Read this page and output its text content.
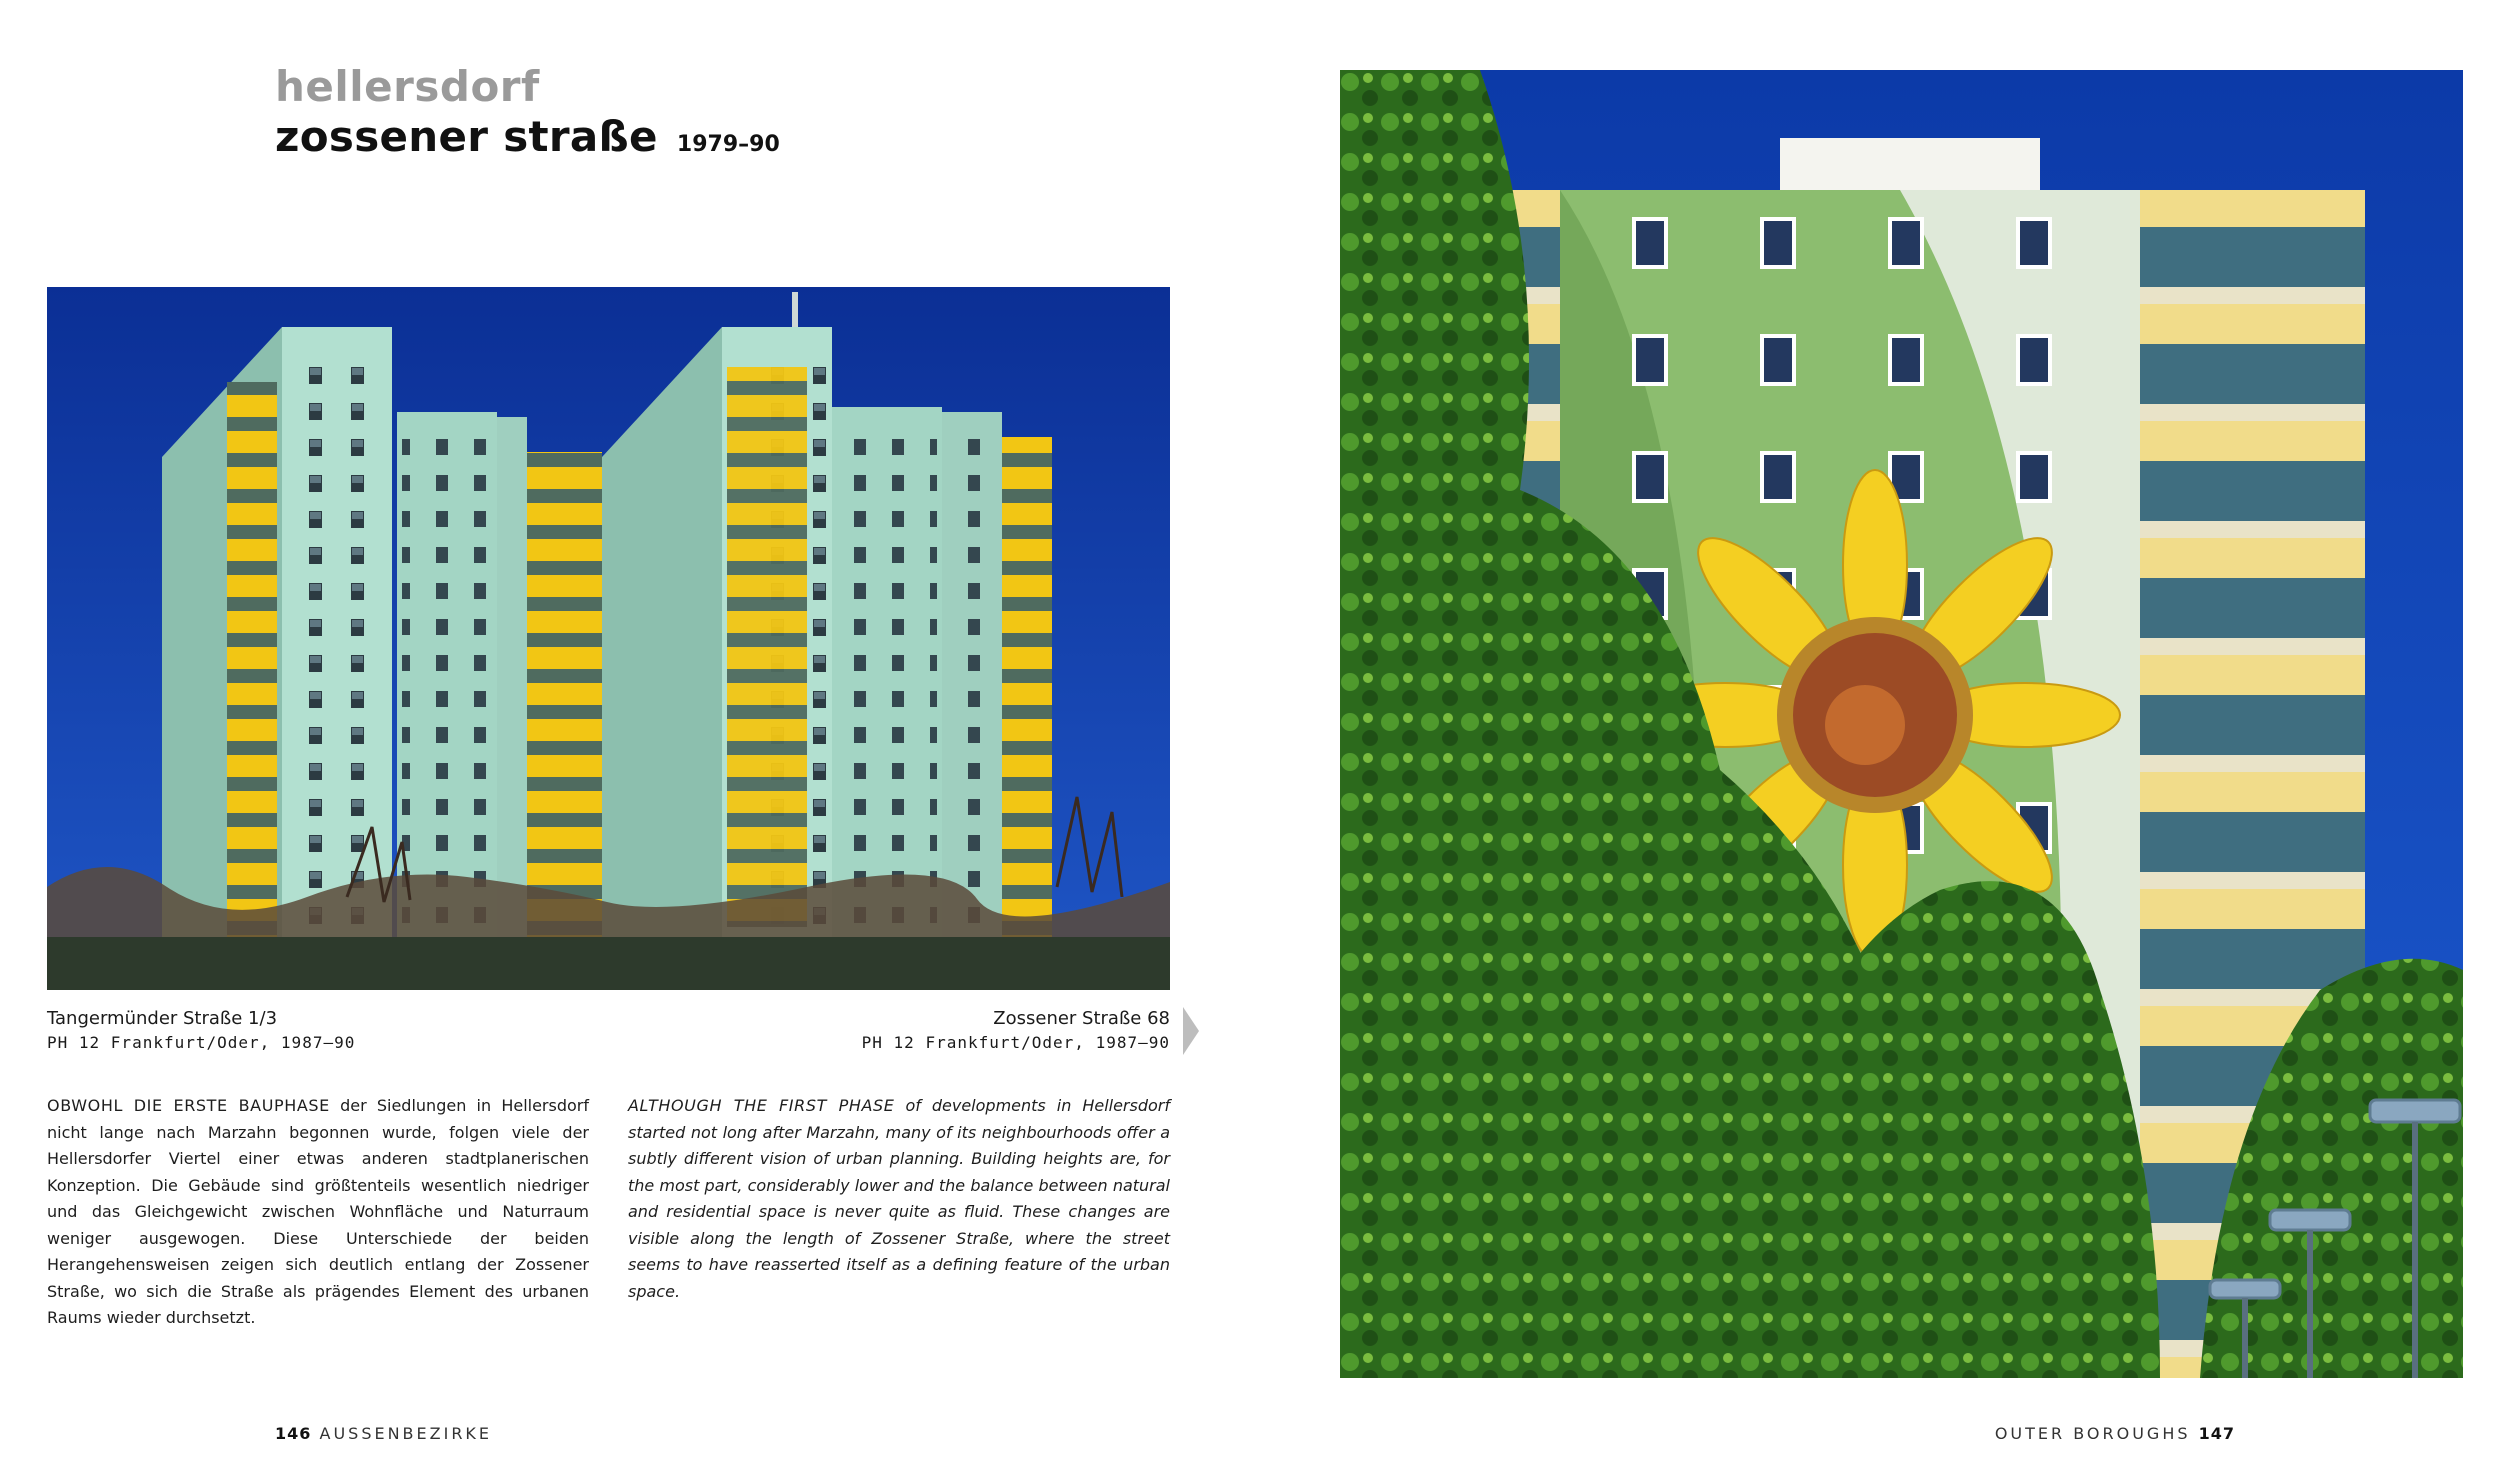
hellersdorf
zossener straße 1979–90
Tangermünder Straße 1/3
PH 12 Frankfurt/Oder, 1987–90
Zossener Straße 68
PH 12 Frankfurt/Oder, 1987–90
OBWOHL DIE ERSTE BAUPHASE der Siedlungen in Hellersdorf nicht lange nach Marzahn begonnen wurde, folgen viele der Hellersdorfer Viertel einer etwas anderen stadtplanerischen Konzeption. Die Gebäude sind größtenteils wesentlich niedriger und das Gleichgewicht zwischen Wohnfläche und Naturraum weniger ausgewogen. Diese Unterschiede der beiden Herangehensweisen zeigen sich deutlich entlang der Zossener Straße, wo sich die Straße als prägendes Element des urbanen Raums wieder durchsetzt.
ALTHOUGH THE FIRST PHASE of developments in Hellersdorf started not long after Marzahn, many of its neighbourhoods offer a subtly different vision of urban planning. Building heights are, for the most part, considerably lower and the balance between natural and residential space is never quite as fluid. These changes are visible along the length of Zossener Straße, where the street seems to have reasserted itself as a defining feature of the urban space.
146 AUSSENBEZIRKE	OUTER BOROUGHS 147
